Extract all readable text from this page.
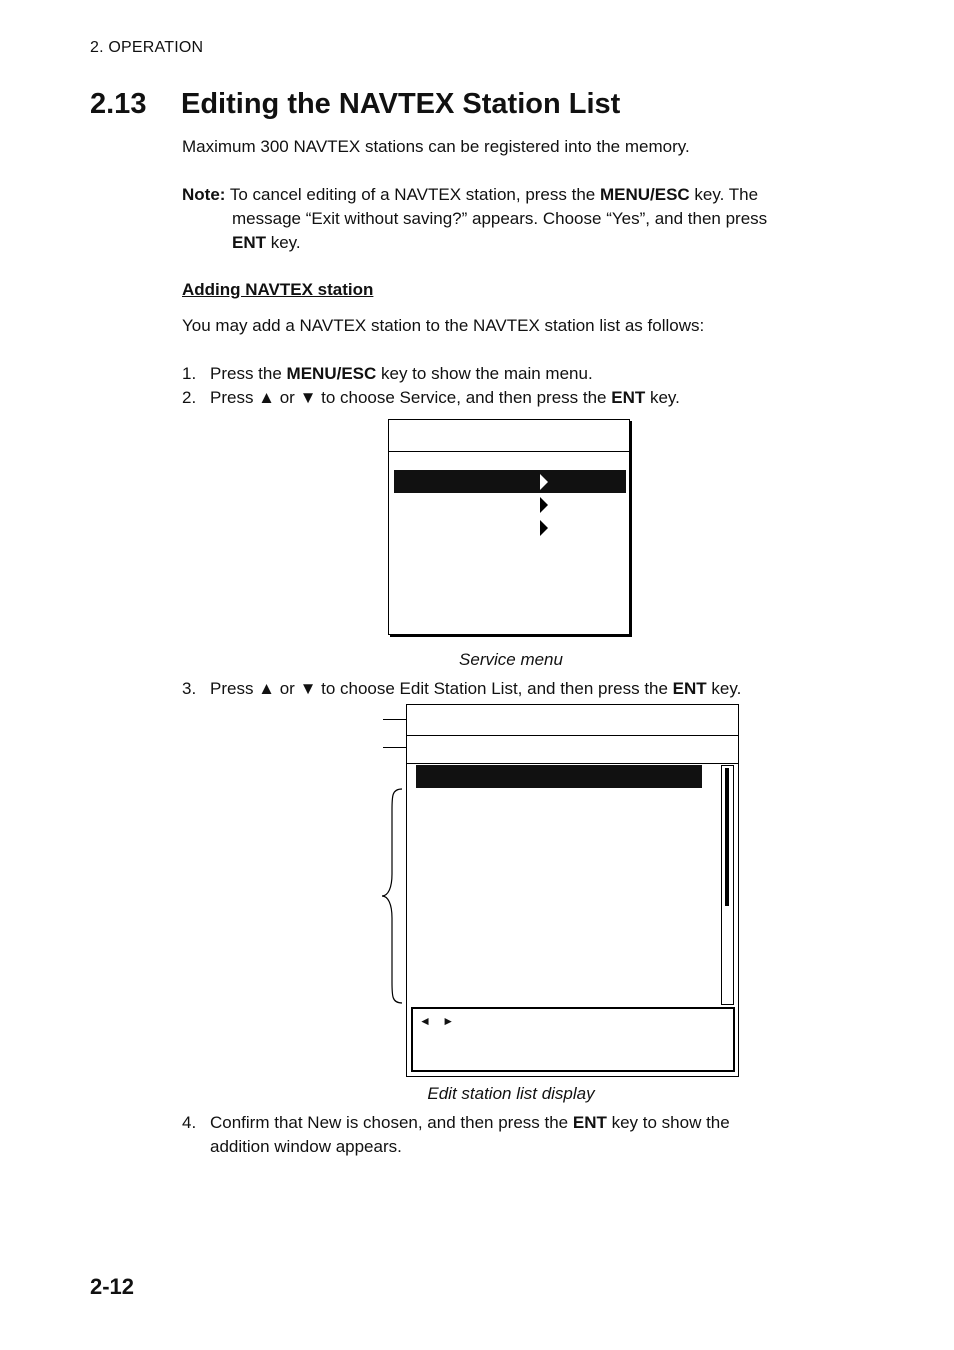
2. OPERATION
2.13 Editing the NAVTEX Station List
Maximum 300 NAVTEX stations can be registered into the memory.
Note: To cancel editing of a NAVTEX station, press the MENU/ESC key. The
message “Exit without saving?” appears. Choose “Yes”, and then press
ENT key.
Adding NAVTEX station
You may add a NAVTEX station to the NAVTEX station list as follows:
1. Press the MENU/ESC key to show the main menu.
2. Press ▲ or ▼ to choose Service, and then press the ENT key.
Service menu
3. Press ▲ or ▼ to choose Edit Station List, and then press the ENT key.
◄ ►
Edit station list display
4. Confirm that New is chosen, and then press the ENT key to show the
addition window appears.
2-12
